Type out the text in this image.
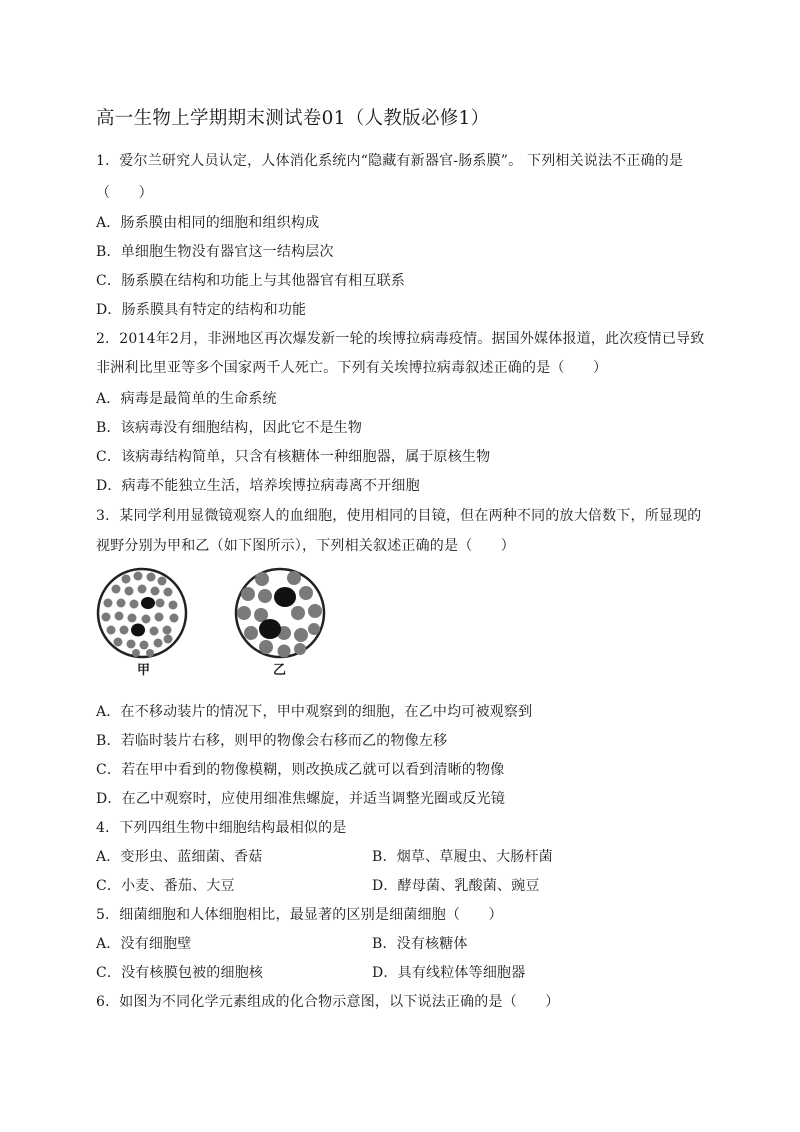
高一生物上学期期末测试卷01（人教版必修1）
1．爱尔兰研究人员认定，人体消化系统内“隐藏有新器官-肠系膜”。 下列相关说法不正确的是
（　　）
A．肠系膜由相同的细胞和组织构成
B．单细胞生物没有器官这一结构层次
C．肠系膜在结构和功能上与其他器官有相互联系
D．肠系膜具有特定的结构和功能
2．2014年2月，非洲地区再次爆发新一轮的埃博拉病毒疫情。据国外媒体报道，此次疫情已导致
非洲利比里亚等多个国家两千人死亡。下列有关埃博拉病毒叙述正确的是（　　）
A．病毒是最简单的生命系统
B．该病毒没有细胞结构，因此它不是生物
C．该病毒结构简单，只含有核糖体一种细胞器，属于原核生物
D．病毒不能独立生活，培养埃博拉病毒离不开细胞
3．某同学利用显微镜观察人的血细胞，使用相同的目镜，但在两种不同的放大倍数下，所显现的
视野分别为甲和乙（如下图所示），下列相关叙述正确的是（　　）
甲	乙
A．在不移动装片的情况下，甲中观察到的细胞，在乙中均可被观察到
B．若临时装片右移，则甲的物像会右移而乙的物像左移
C．若在甲中看到的物像模糊，则改换成乙就可以看到清晰的物像
D．在乙中观察时，应使用细准焦螺旋，并适当调整光圈或反光镜
4．下列四组生物中细胞结构最相似的是
A．变形虫、蓝细菌、香菇	B．烟草、草履虫、大肠杆菌
C．小麦、番茄、大豆	D．酵母菌、乳酸菌、豌豆
5．细菌细胞和人体细胞相比，最显著的区别是细菌细胞（　　）
A．没有细胞壁	B．没有核糖体
C．没有核膜包被的细胞核	D．具有线粒体等细胞器
6．如图为不同化学元素组成的化合物示意图，以下说法正确的是（　　）
